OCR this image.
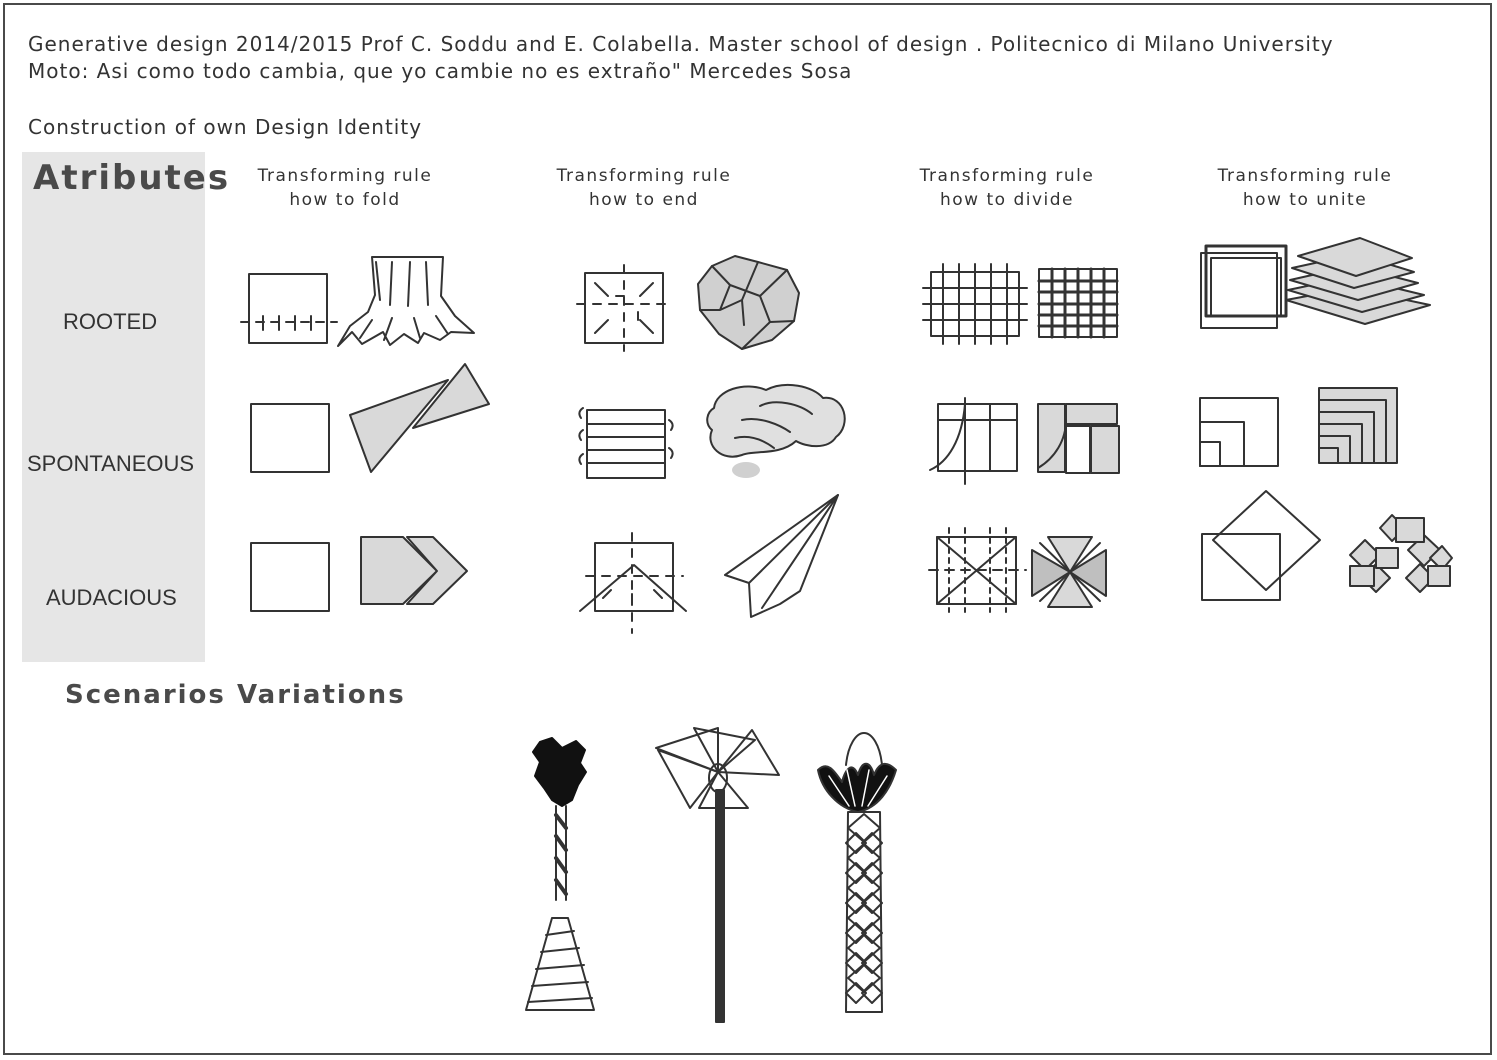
Generative design 2014/2015 Prof C. Soddu and E. Colabella. Master school of design . Politecnico di Milano University
Moto: Asi como todo cambia, que yo cambie no es extraño" Mercedes Sosa
Construction of own Design Identity
Atributes
ROOTED
SPONTANEOUS
AUDACIOUS
Transforming rule
how to fold
Transforming rule
how to end
Transforming rule
how to divide
Transforming rule
how to unite
Scenarios Variations
